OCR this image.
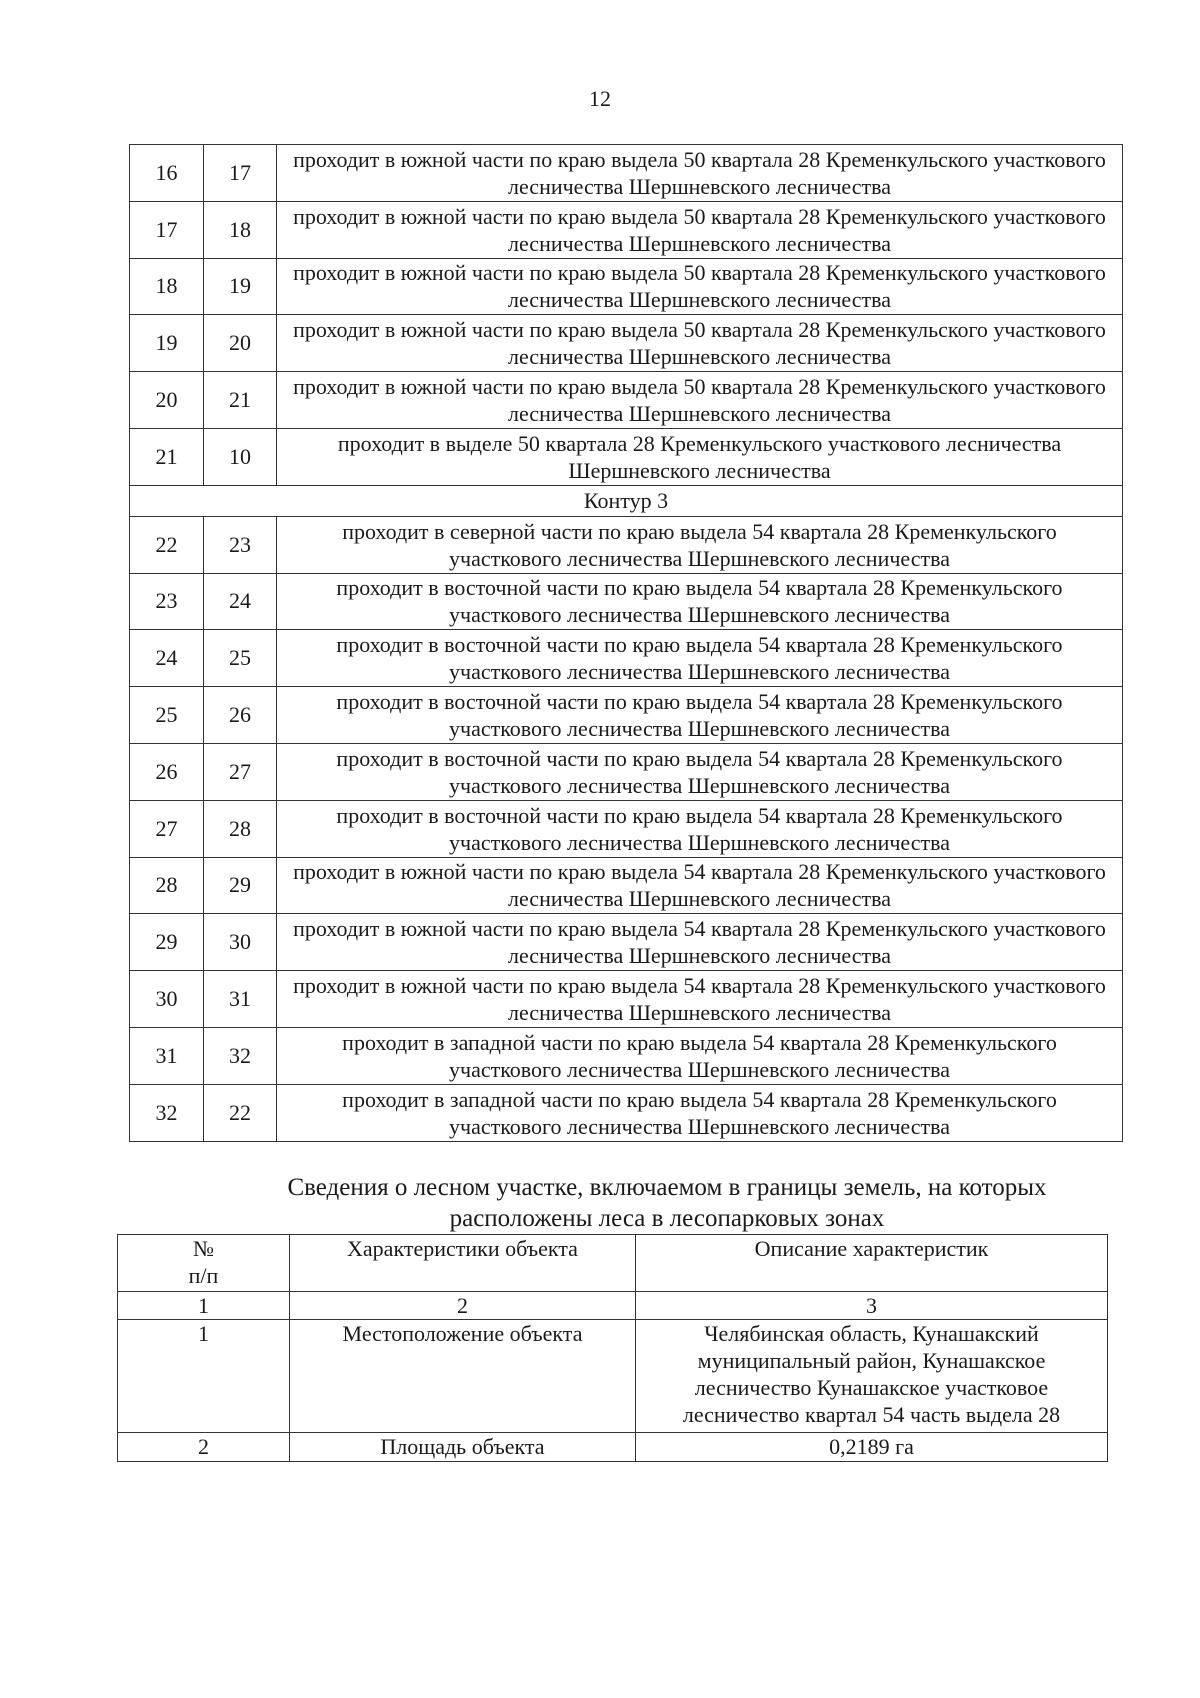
12
16	17	проходит в южной части по краю выдела 50 квартала 28 Кременкульского участкового лесничества Шершневского лесничества
17	18	проходит в южной части по краю выдела 50 квартала 28 Кременкульского участкового лесничества Шершневского лесничества
18	19	проходит в южной части по краю выдела 50 квартала 28 Кременкульского участкового лесничества Шершневского лесничества
19	20	проходит в южной части по краю выдела 50 квартала 28 Кременкульского участкового лесничества Шершневского лесничества
20	21	проходит в южной части по краю выдела 50 квартала 28 Кременкульского участкового лесничества Шершневского лесничества
21	10	проходит в выделе 50 квартала 28 Кременкульского участкового лесничества Шершневского лесничества
Контур 3		
22	23	проходит в северной части по краю выдела 54 квартала 28 Кременкульского участкового лесничества Шершневского лесничества
23	24	проходит в восточной части по краю выдела 54 квартала 28 Кременкульского участкового лесничества Шершневского лесничества
24	25	проходит в восточной части по краю выдела 54 квартала 28 Кременкульского участкового лесничества Шершневского лесничества
25	26	проходит в восточной части по краю выдела 54 квартала 28 Кременкульского участкового лесничества Шершневского лесничества
26	27	проходит в восточной части по краю выдела 54 квартала 28 Кременкульского участкового лесничества Шершневского лесничества
27	28	проходит в восточной части по краю выдела 54 квартала 28 Кременкульского участкового лесничества Шершневского лесничества
28	29	проходит в южной части по краю выдела 54 квартала 28 Кременкульского участкового лесничества Шершневского лесничества
29	30	проходит в южной части по краю выдела 54 квартала 28 Кременкульского участкового лесничества Шершневского лесничества
30	31	проходит в южной части по краю выдела 54 квартала 28 Кременкульского участкового лесничества Шершневского лесничества
31	32	проходит в западной части по краю выдела 54 квартала 28 Кременкульского участкового лесничества Шершневского лесничества
32	22	проходит в западной части по краю выдела 54 квартала 28 Кременкульского участкового лесничества Шершневского лесничества
Сведения о лесном участке, включаемом в границы земель, на которых
расположены леса в лесопарковых зонах
№
п/п	Характеристики объекта	Описание характеристик
1	2	3
1	Местоположение объекта	Челябинская область, Кунашакский
муниципальный район, Кунашакское
лесничество Кунашакское участковое
лесничество квартал 54 часть выдела 28

2	Площадь объекта	0,2189 га
